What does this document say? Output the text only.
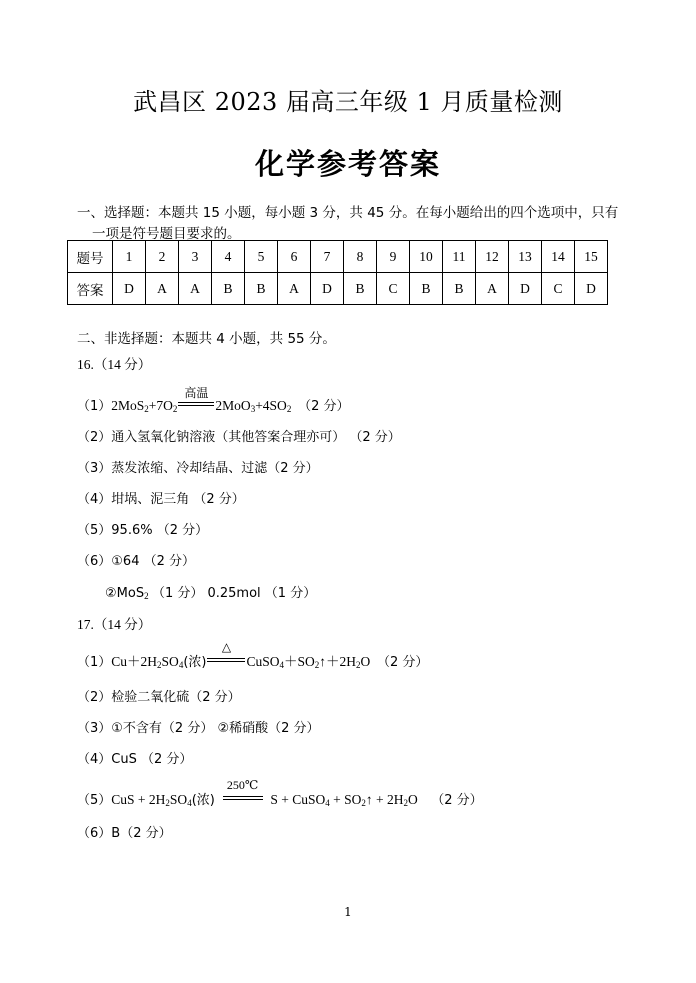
武昌区 2023 届高三年级 1 月质量检测
化学参考答案
一、选择题：本题共 15 小题，每小题 3 分，共 45 分。在每小题给出的四个选项中，只有
一项是符号题目要求的。
题号	1	2	3	4	5	6	7	8	9	10	11	12	13	14	15
答案	D	A	A	B	B	A	D	B	C	B	B	A	D	C	D
二、非选择题：本题共 4 小题，共 55 分。
16.（14 分）
$(1)2MoS_2+7O_2$
高温
$2MoO_3+4SO_2$ （2 分）
（2）通入氢氧化钠溶液（其他答案合理亦可） （2 分）
（3）蒸发浓缩、冷却结晶、过滤（2 分）
（4）坩埚、泥三角 （2 分）
（5）95.6% （2 分）
（6）①64 （2 分）
②MoS$_2$ （1 分） 0.25mol （1 分）
17.（14 分）
$(1)Cu+2H_2SO_4$(浓)
△
$CuSO_4+SO_2↑+2H_2O$ （2 分）
（2）检验二氧化硫（2 分）
（3）①不含有（2 分） ②稀硝酸（2 分）
（4）CuS （2 分）
$(5)CuS + 2H_2SO_4$(浓)
250℃
S + CuSO$_4$ + $SO_2↑ + 2H_2O$ （2 分）
（6）B（2 分）
1
